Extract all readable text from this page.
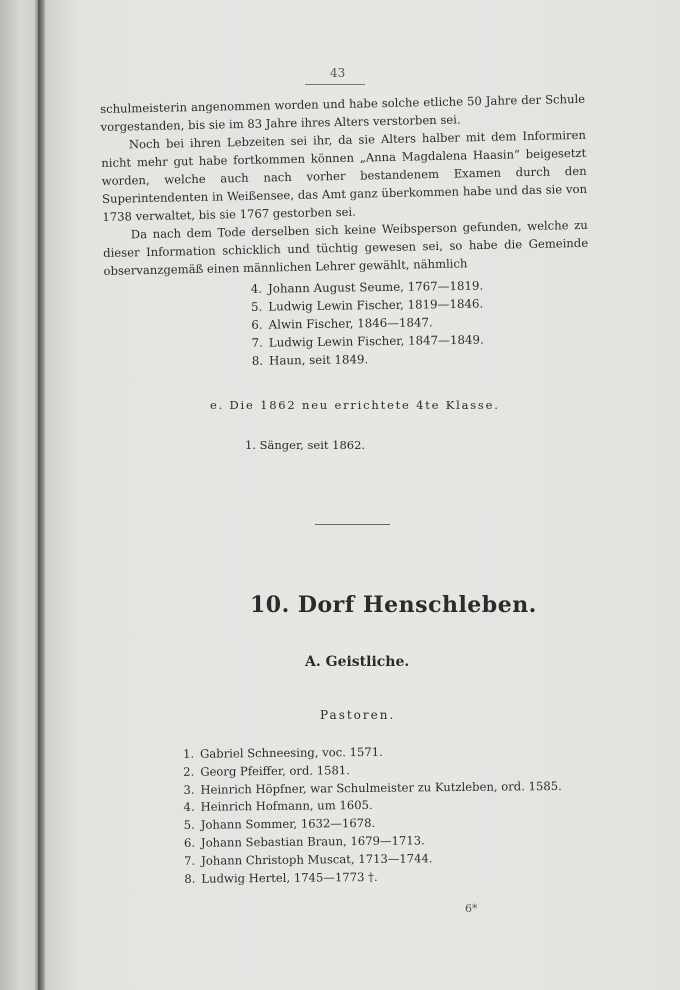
43

schulmeisterin angenommen worden und habe solche etliche 50 Jahre der Schule vorgestanden, bis sie im 83 Jahre ihres Alters verstorben sei.

Noch bei ihren Lebzeiten sei ihr, da sie Alters halber mit dem Informiren nicht mehr gut habe fortkommen können „Anna Magdalena Haasin“ beigesetzt worden, welche auch nach vorher bestandenem Examen durch den Superintendenten in Weißensee, das Amt ganz überkommen habe und das sie von 1738 verwaltet, bis sie 1767 gestorben sei.

Da nach dem Tode derselben sich keine Weibsperson gefunden, welche zu dieser Information schicklich und tüchtig gewesen sei, so habe die Gemeinde observanzgemäß einen männlichen Lehrer gewählt, nähmlich

4. Johann August Seume, 1767—1819.
5. Ludwig Lewin Fischer, 1819—1846.
6. Alwin Fischer, 1846—1847.
7. Ludwig Lewin Fischer, 1847—1849.
8. Haun, seit 1849.
e. Die 1862 neu errichtete 4te Klasse.
1. Sänger, seit 1862.
10. Dorf Henschleben.
A. Geistliche.
Pastoren.
1. Gabriel Schneesing, voc. 1571.
2. Georg Pfeiffer, ord. 1581.
3. Heinrich Höpfner, war Schulmeister zu Kutzleben, ord. 1585.
4. Heinrich Hofmann, um 1605.
5. Johann Sommer, 1632—1678.
6. Johann Sebastian Braun, 1679—1713.
7. Johann Christoph Muscat, 1713—1744.
8. Ludwig Hertel, 1745—1773 †.
6*
